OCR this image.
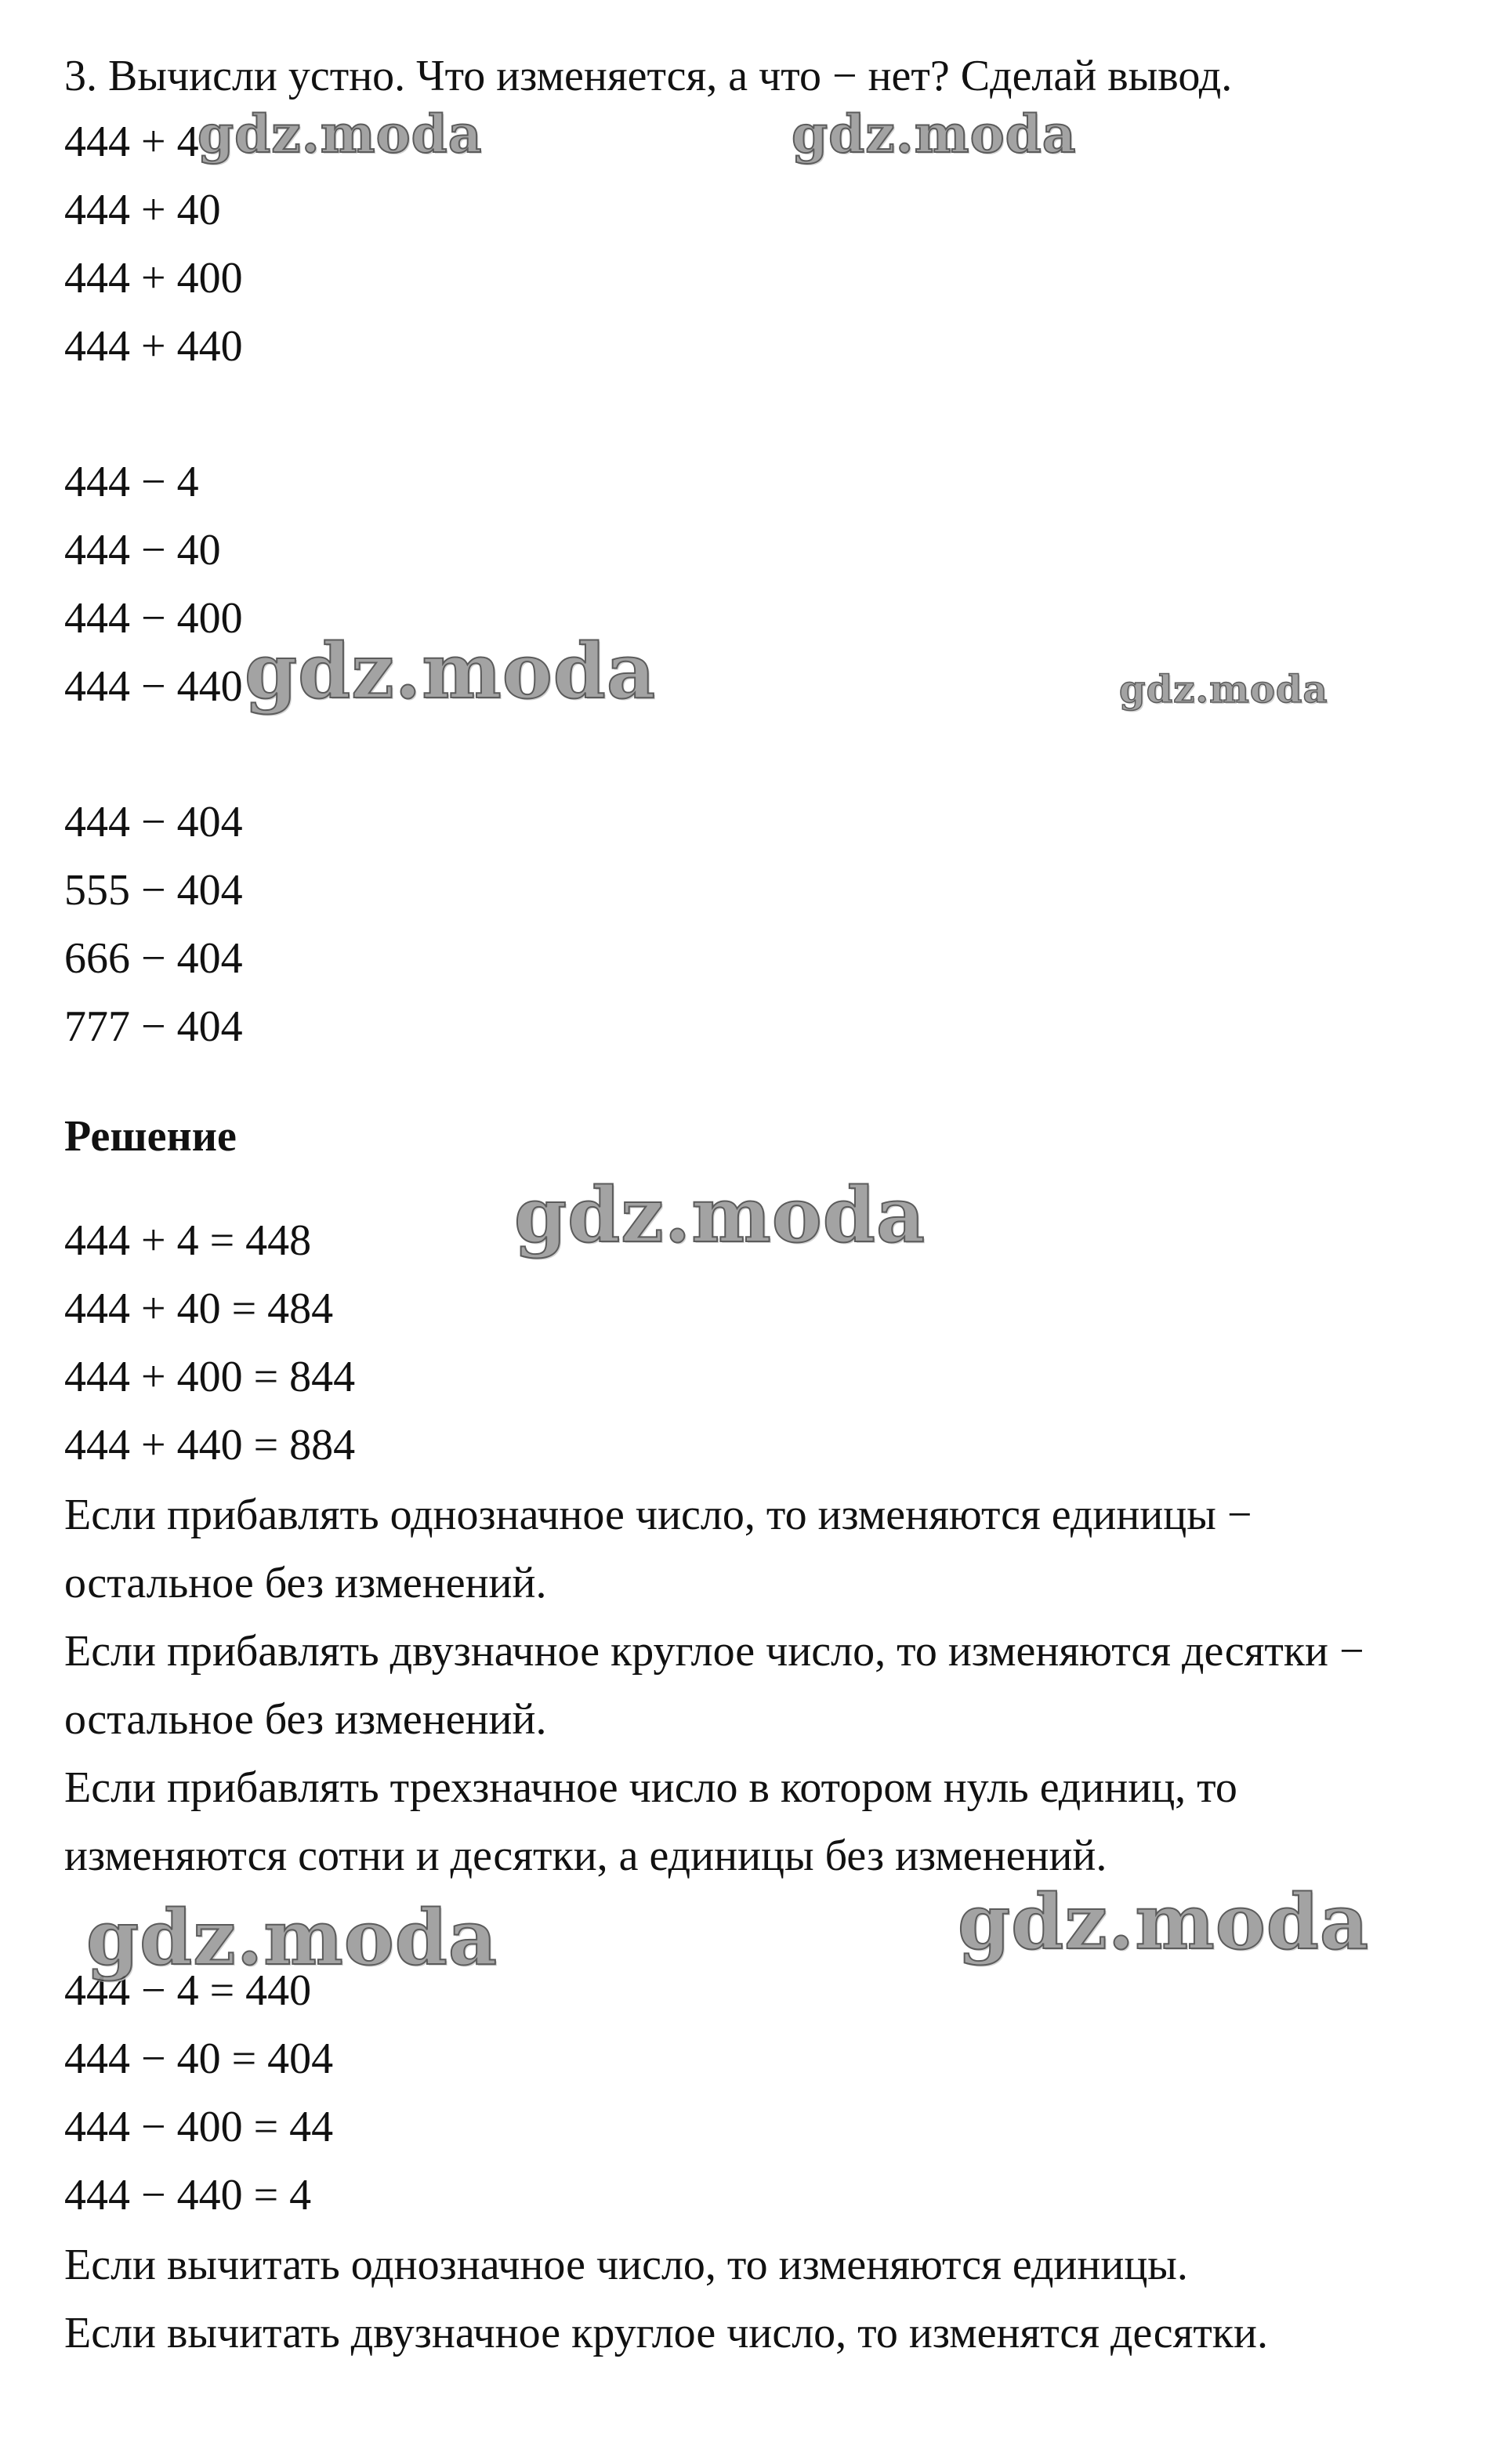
3. Вычисли устно. Что изменяется, а что − нет? Сделай вывод.
444 + 4
444 + 40
444 + 400
444 + 440
444 − 4
444 − 40
444 − 400
444 − 440
444 − 404
555 − 404
666 − 404
777 − 404
Решение
444 + 4 = 448
444 + 40 = 484
444 + 400 = 844
444 + 440 = 884
Если прибавлять однозначное число, то изменяются единицы −
остальное без изменений.
Если прибавлять двузначное круглое число, то изменяются десятки −
остальное без изменений.
Если прибавлять трехзначное число в котором нуль единиц, то
изменяются сотни и десятки, а единицы без изменений.
444 − 4 = 440
444 − 40 = 404
444 − 400 = 44
444 − 440 = 4
Если вычитать однозначное число, то изменяются единицы.
Если вычитать двузначное круглое число, то изменятся десятки.
gdz.moda	gdz.moda
gdz.moda	gdz.moda
gdz.moda
gdz.moda	gdz.moda
